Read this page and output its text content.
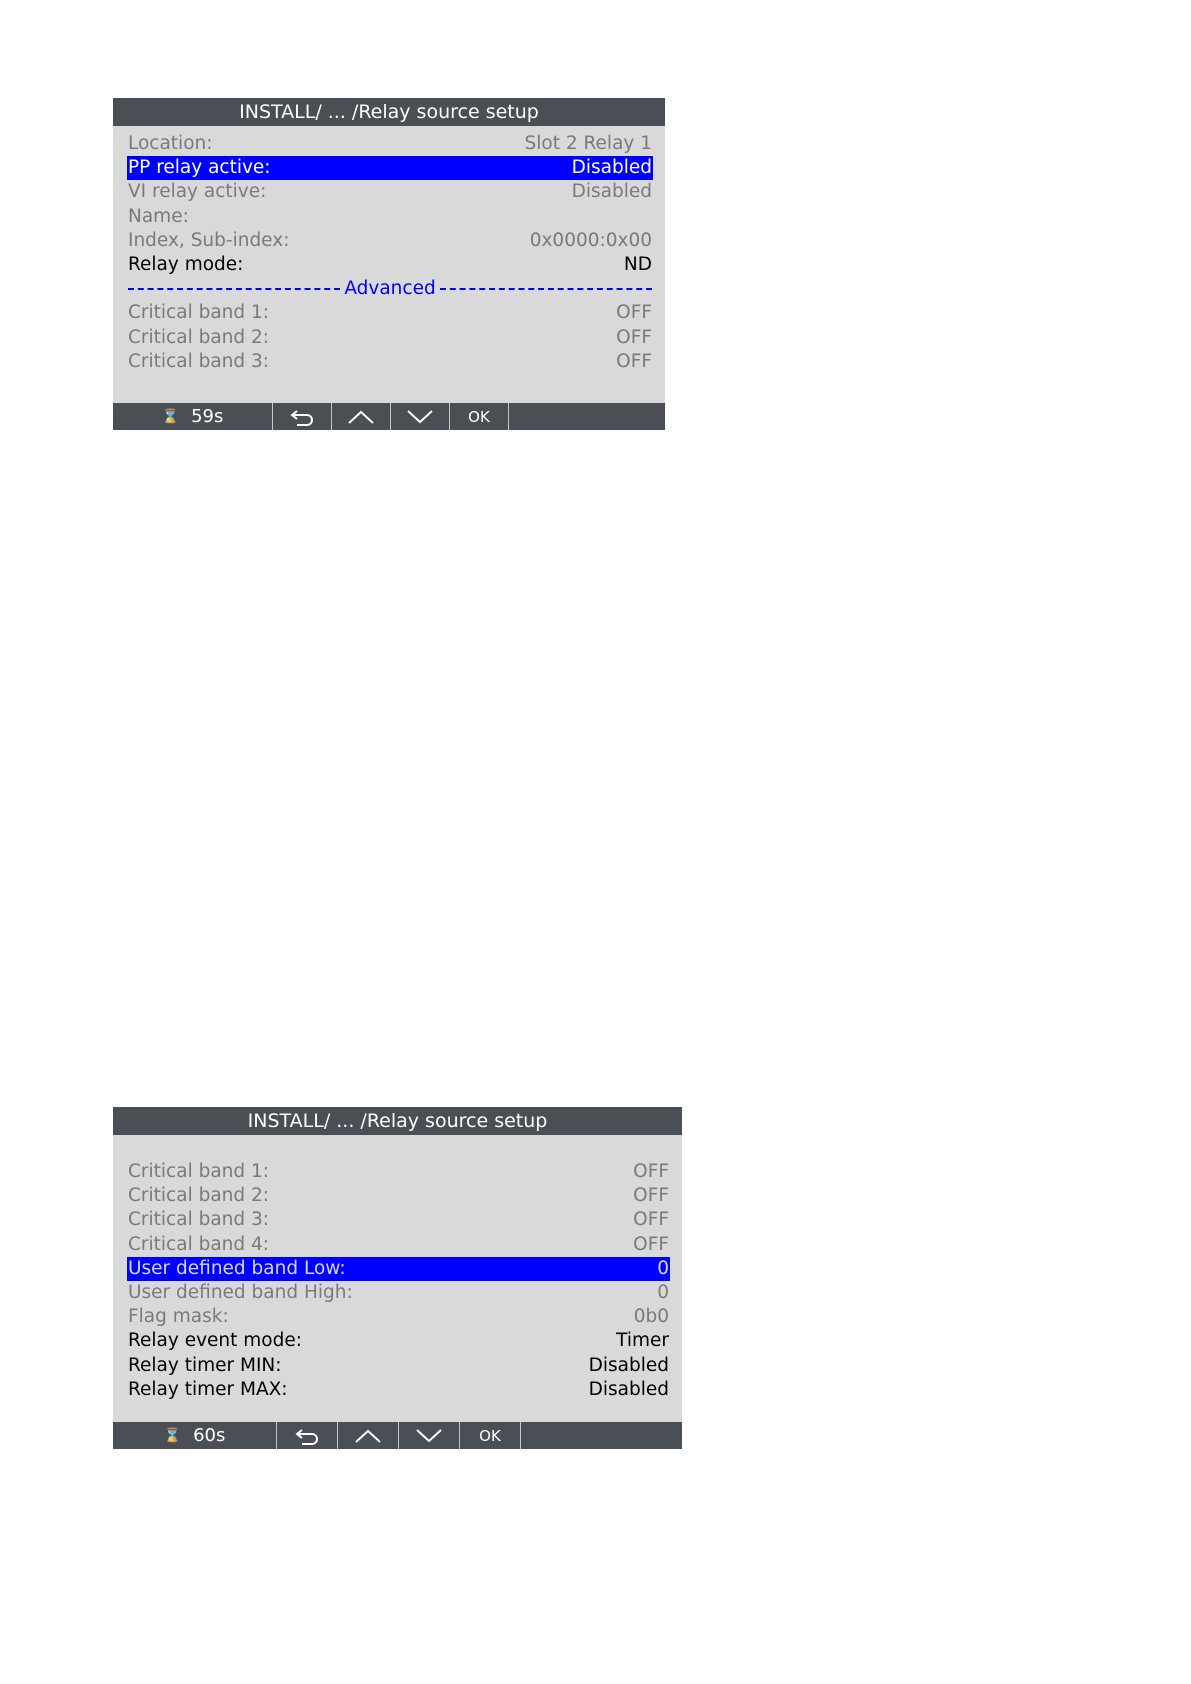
INSTALL/ ... /Relay source setup
Location:	Slot 2 Relay 1
PP relay active:	Disabled
VI relay active:	Disabled
Name:
Index, Sub-index:	0x0000:0x00
Relay mode:	ND
Advanced
Critical band 1:	OFF
Critical band 2:	OFF
Critical band 3:	OFF
⌛ 59s	OK
INSTALL/ ... /Relay source setup
Critical band 1:	OFF
Critical band 2:	OFF
Critical band 3:	OFF
Critical band 4:	OFF
User defined band Low:	0
User defined band High:	0
Flag mask:	0b0
Relay event mode:	Timer
Relay timer MIN:	Disabled
Relay timer MAX:	Disabled
⌛ 60s	OK
